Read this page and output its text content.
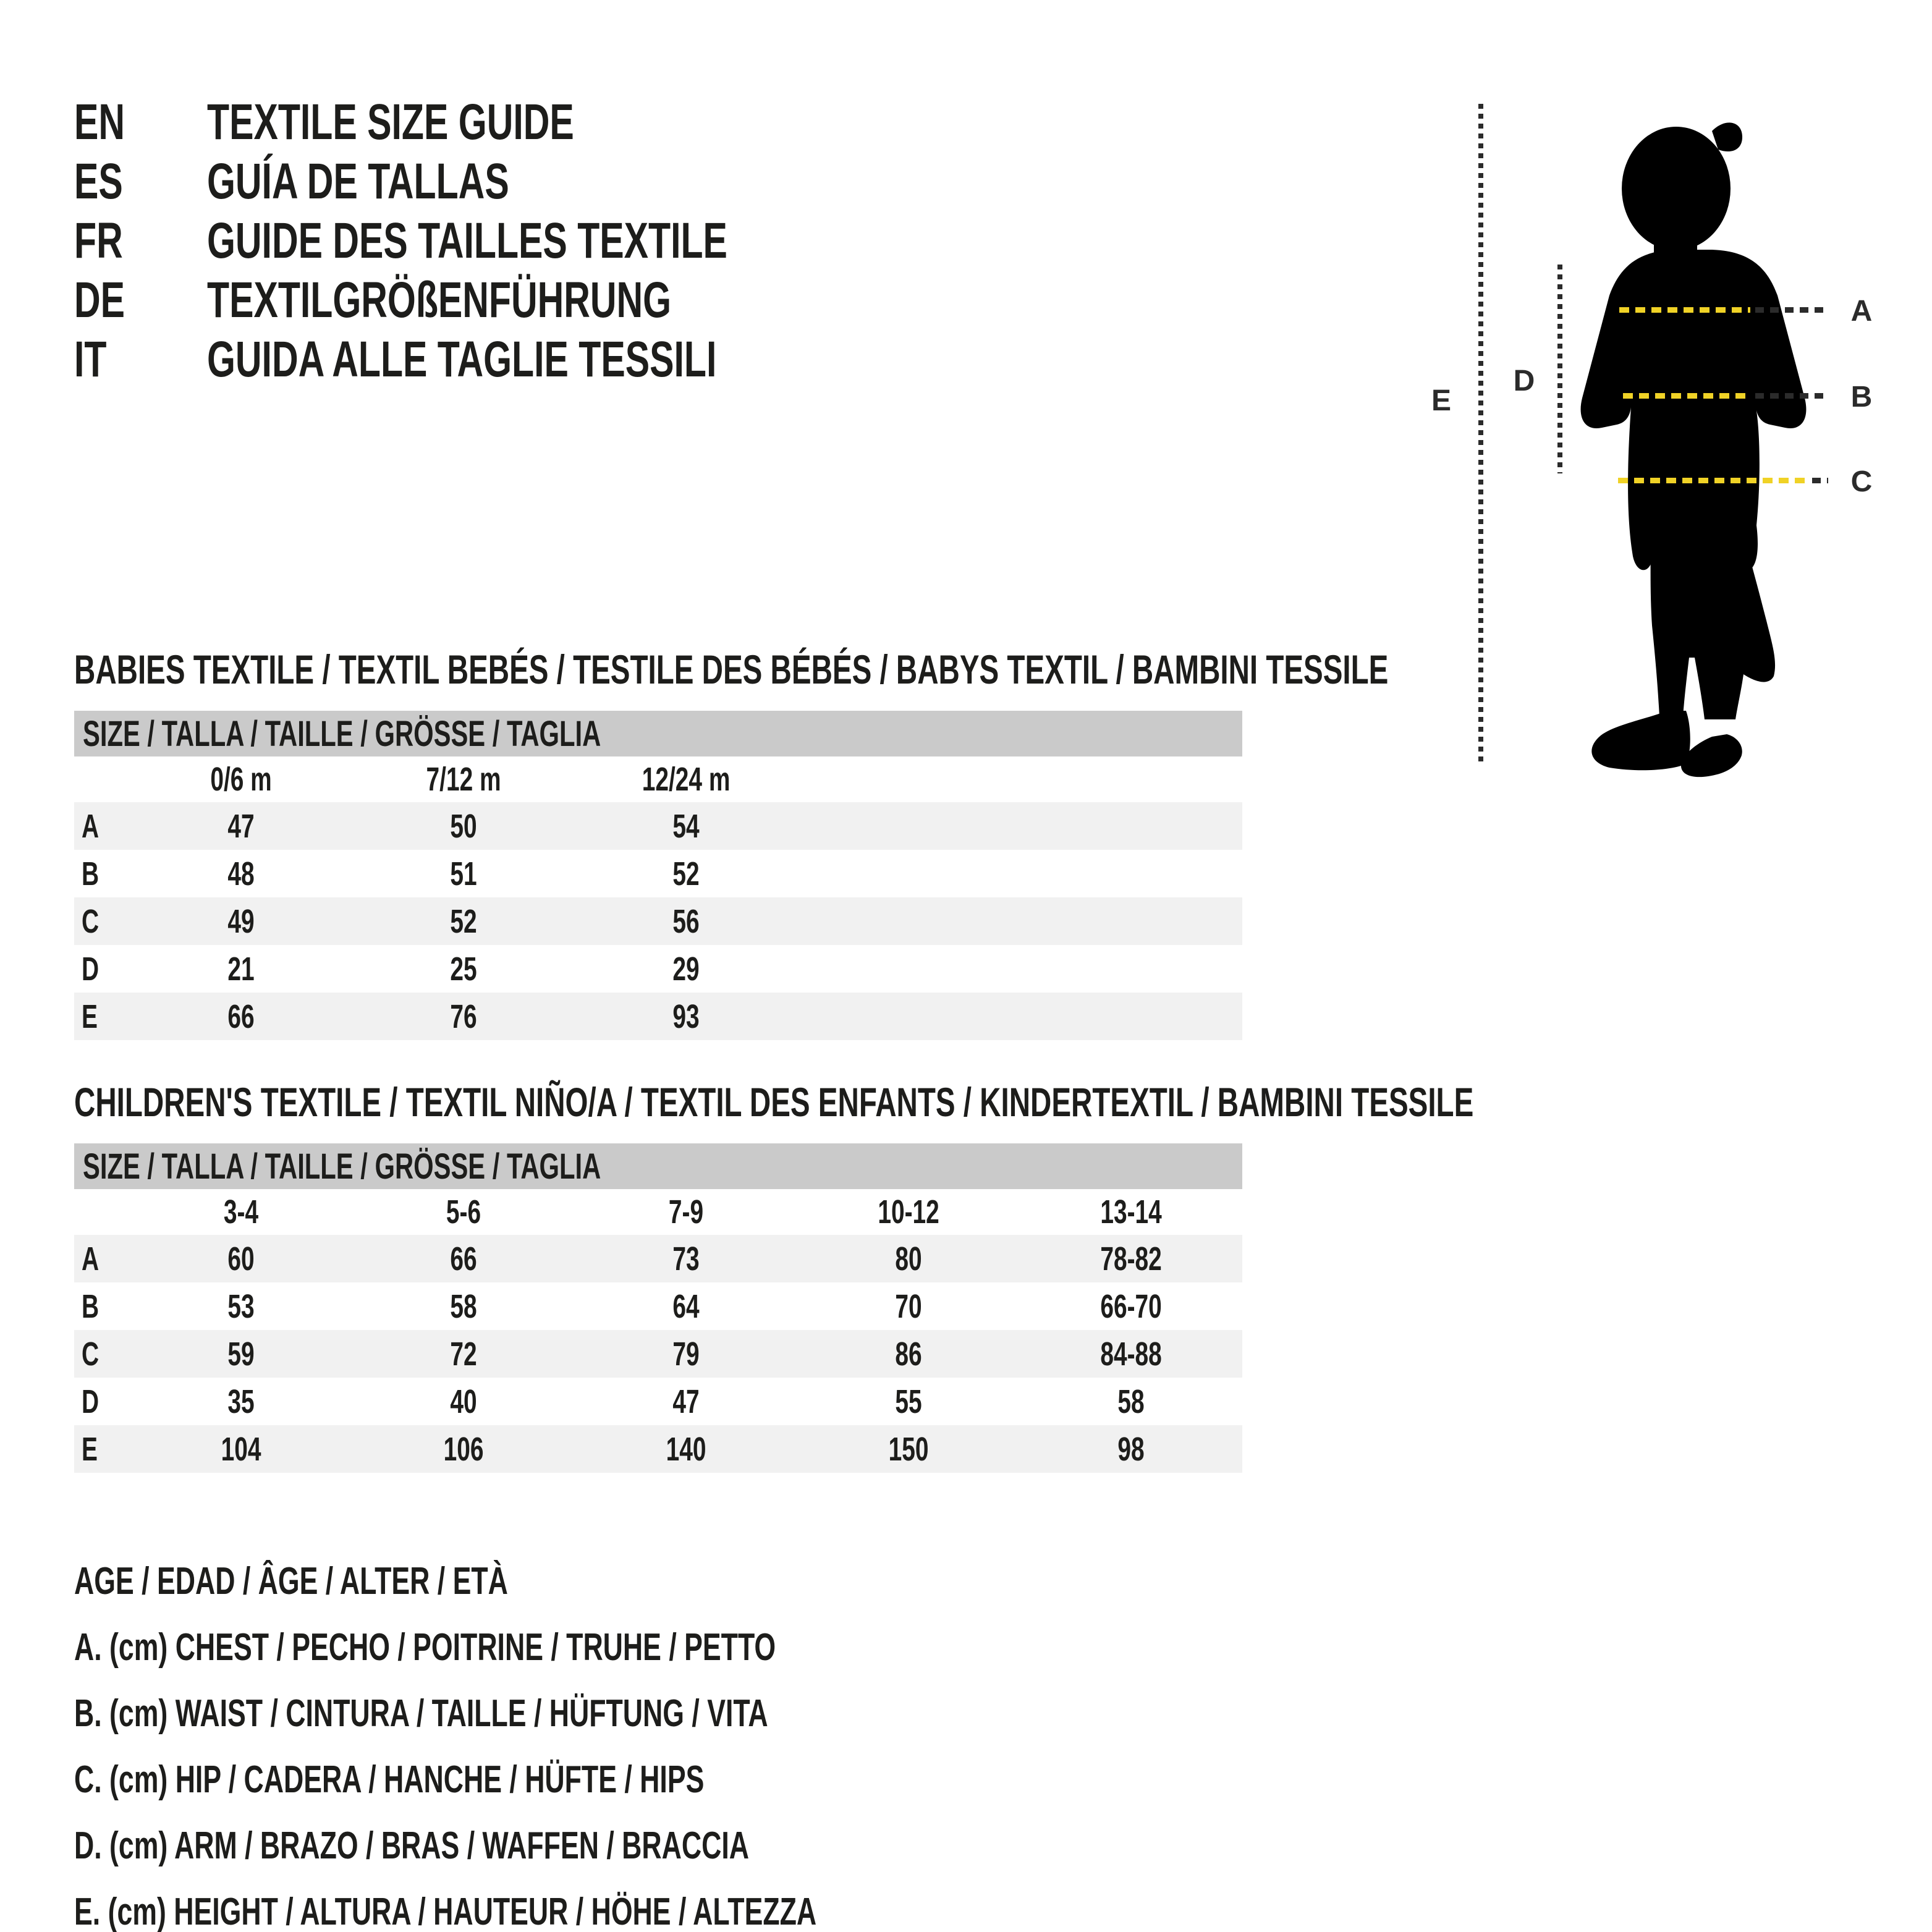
EN	TEXTILE SIZE GUIDE
ES	GUÍA DE TALLAS
FR	GUIDE DES TAILLES TEXTILE
DE	TEXTILGRÖßENFÜHRUNG
IT	GUIDA ALLE TAGLIE TESSILI
E
D
A
B
C
BABIES TEXTILE / TEXTIL BEBÉS / TESTILE DES BÉBÉS / BABYS TEXTIL / BAMBINI TESSILE
SIZE / TALLA / TAILLE / GRÖSSE / TAGLIA
	0/6 m	7/12 m	12/24 m	
A	47	50	54	
B	48	51	52	
C	49	52	56	
D	21	25	29	
E	66	76	93	
CHILDREN'S TEXTILE / TEXTIL NIÑO/A / TEXTIL DES ENFANTS / KINDERTEXTIL / BAMBINI TESSILE
SIZE / TALLA / TAILLE / GRÖSSE / TAGLIA
	3-4	5-6	7-9	10-12	13-14
A	60	66	73	80	78-82
B	53	58	64	70	66-70
C	59	72	79	86	84-88
D	35	40	47	55	58
E	104	106	140	150	98
AGE / EDAD / ÂGE / ALTER / ETÀ
A. (cm) CHEST / PECHO / POITRINE / TRUHE / PETTO
B. (cm) WAIST / CINTURA / TAILLE / HÜFTUNG / VITA
C. (cm) HIP / CADERA / HANCHE / HÜFTE / HIPS
D. (cm) ARM / BRAZO / BRAS / WAFFEN / BRACCIA
E. (cm) HEIGHT / ALTURA / HAUTEUR / HÖHE / ALTEZZA
